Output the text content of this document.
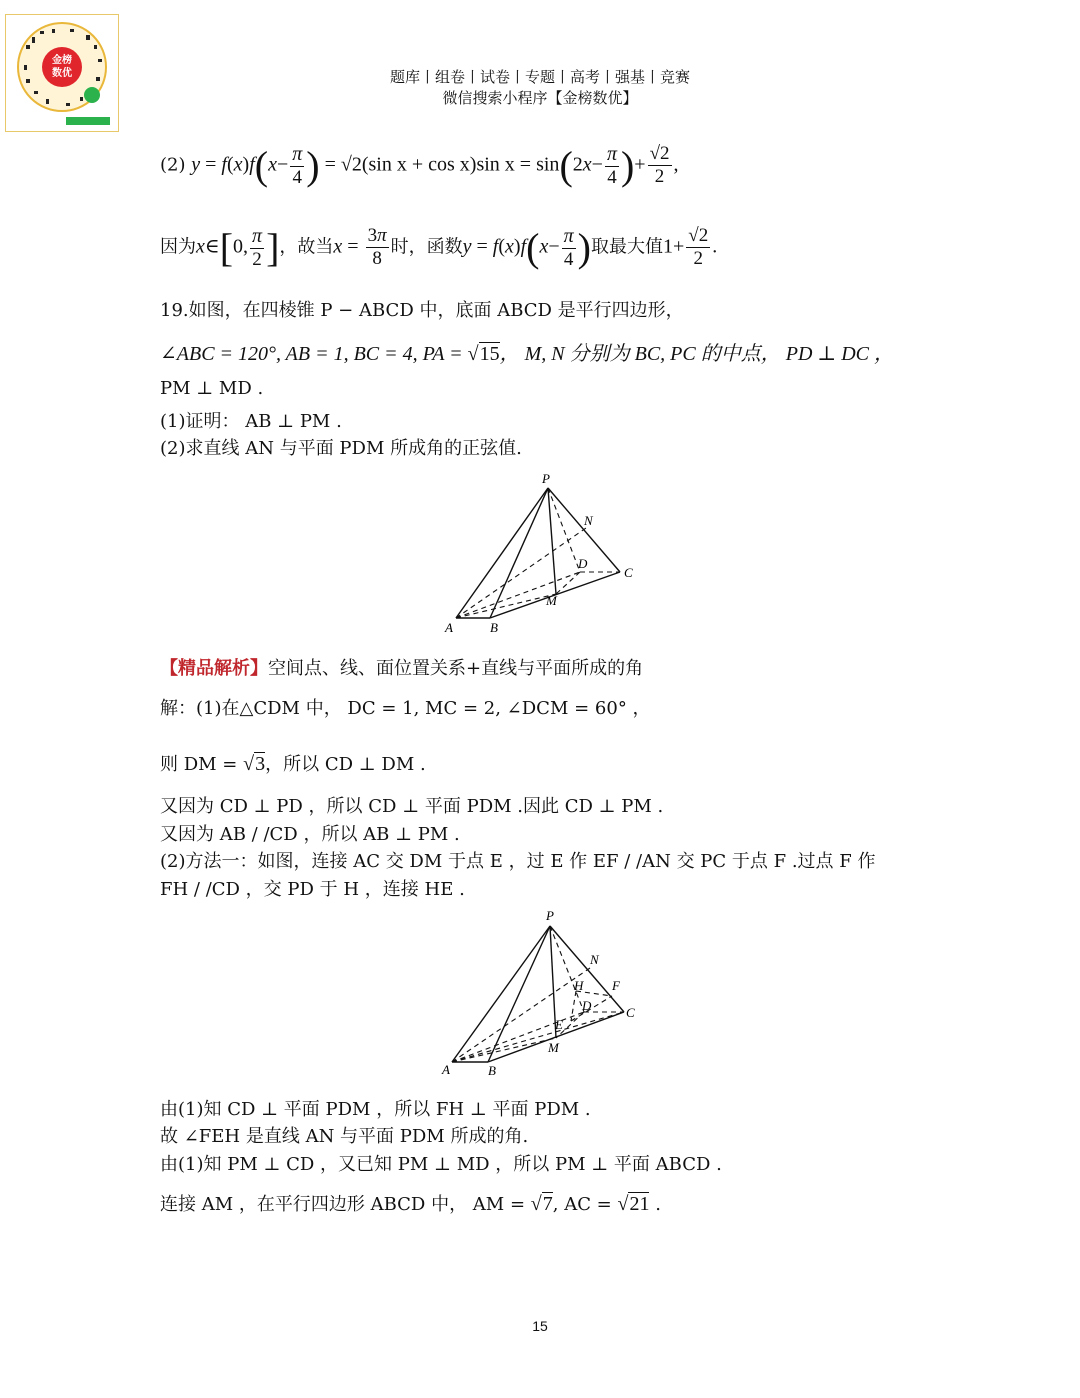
金榜
数优	题库丨组卷丨试卷丨专题丨高考丨强基丨竞赛
微信搜索小程序【金榜数优】
(2) $y = f(x)f(x- \frac{\pi}{4}$ ) = √2(sin x + cos x)sin $x = \sin(2x- \frac{\pi}{4}$ )+ $\frac{√2}{2}$ ,
因为x∈[0, $\frac{\pi}{2}$ ]，故当$x = \frac{3\pi}{8}$ 时，函数$y = f(x)f(x- \frac{\pi}{4}$ )取最大值$1+ \frac{√2}{2}$ .
19.如图，在四棱锥 P − ABCD 中，底面 ABCD 是平行四边形，
∠ABC = 120°, AB = 1, BC = 4, PA = √15， M, N 分别为 BC, PC 的中点， PD ⊥ DC ，
PM ⊥ MD .
(1)证明： AB ⊥ PM .
(2)求直线 AN 与平面 PDM 所成角的正弦值.
P
N
D
C
M
A	B
【精品解析】空间点、线、面位置关系+直线与平面所成的角
解：(1)在△CDM 中， DC = 1, MC = 2, ∠DCM = 60° ，
则 DM = √3，所以 CD ⊥ DM .
又因为 CD ⊥ PD ，所以 CD ⊥ 平面 PDM .因此 CD ⊥ PM .
又因为 AB / /CD ，所以 AB ⊥ PM .
(2)方法一：如图，连接 AC 交 DM 于点 E ，过 E 作 EF / /AN 交 PC 于点 F .过点 F 作
FH / /CD ，交 PD 于 H ，连接 HE .
P
N
H F
D	C
E
M
A	B
由(1)知 CD ⊥ 平面 PDM ，所以 FH ⊥ 平面 PDM .
故 ∠FEH 是直线 AN 与平面 PDM 所成的角.
由(1)知 PM ⊥ CD ，又已知 PM ⊥ MD ，所以 PM ⊥ 平面 ABCD .
连接 AM ，在平行四边形 ABCD 中， AM = √7, AC = √21 .
15
